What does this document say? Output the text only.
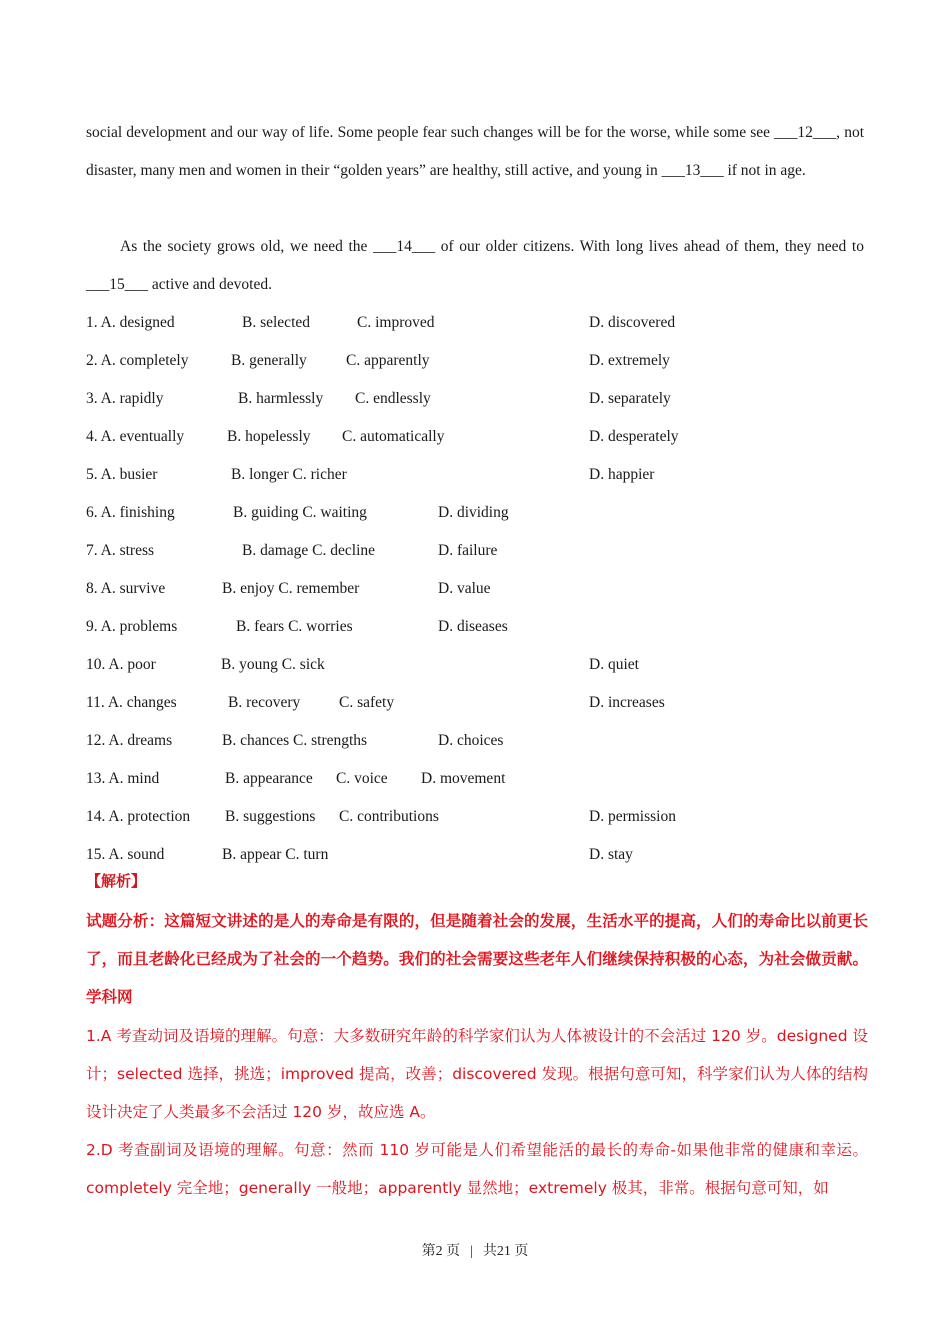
social development and our way of life. Some people fear such changes will be for the worse, while some see ___12___, not disaster, many men and women in their “golden years” are healthy, still active, and young in ___13___ if not in age.
As the society grows old, we need the ___14___ of our older citizens. With long lives ahead of them, they need to ___15___ active and devoted.
1. A. designed	B. selected	C. improved	D. discovered
2. A. completely	B. generally	C. apparently	D. extremely
3. A. rapidly	B. harmlessly C. endlessly	D. separately
4. A. eventually	B. hopelessly C. automatically	D. desperately
5. A. busier	B. longer C. richer	D. happier
6. A. finishing	B. guiding C. waiting	D. dividing
7. A. stress	B. damage C. decline	D. failure
8. A. survive	B. enjoy C. remember	D. value
9. A. problems	B. fears C. worries	D. diseases
10. A. poor	B. young C. sick	D. quiet
11. A. changes	B. recovery C. safety	D. increases
12. A. dreams	B. chances C. strengths	D. choices
13. A. mind	B. appearance C. voice D. movement
14. A. protection B. suggestions C. contributions	D. permission
15. A. sound	B. appear C. turn	D. stay
【解析】
试题分析：这篇短文讲述的是人的寿命是有限的，但是随着社会的发展，生活水平的提高，人们的寿命比以前更长了，而且老龄化已经成为了社会的一个趋势。我们的社会需要这些老年人们继续保持积极的心态，为社会做贡献。学科网
1.A 考查动词及语境的理解。句意：大多数研究年龄的科学家们认为人体被设计的不会活过 120 岁。designed 设计；selected 选择，挑选；improved 提高，改善；discovered 发现。根据句意可知，科学家们认为人体的结构设计决定了人类最多不会活过 120 岁，故应选 A。
2.D 考查副词及语境的理解。句意：然而 110 岁可能是人们希望能活的最长的寿命-如果他非常的健康和幸运。completely 完全地；generally 一般地；apparently 显然地；extremely 极其，非常。根据句意可知，如
第2 页 | 共21 页
